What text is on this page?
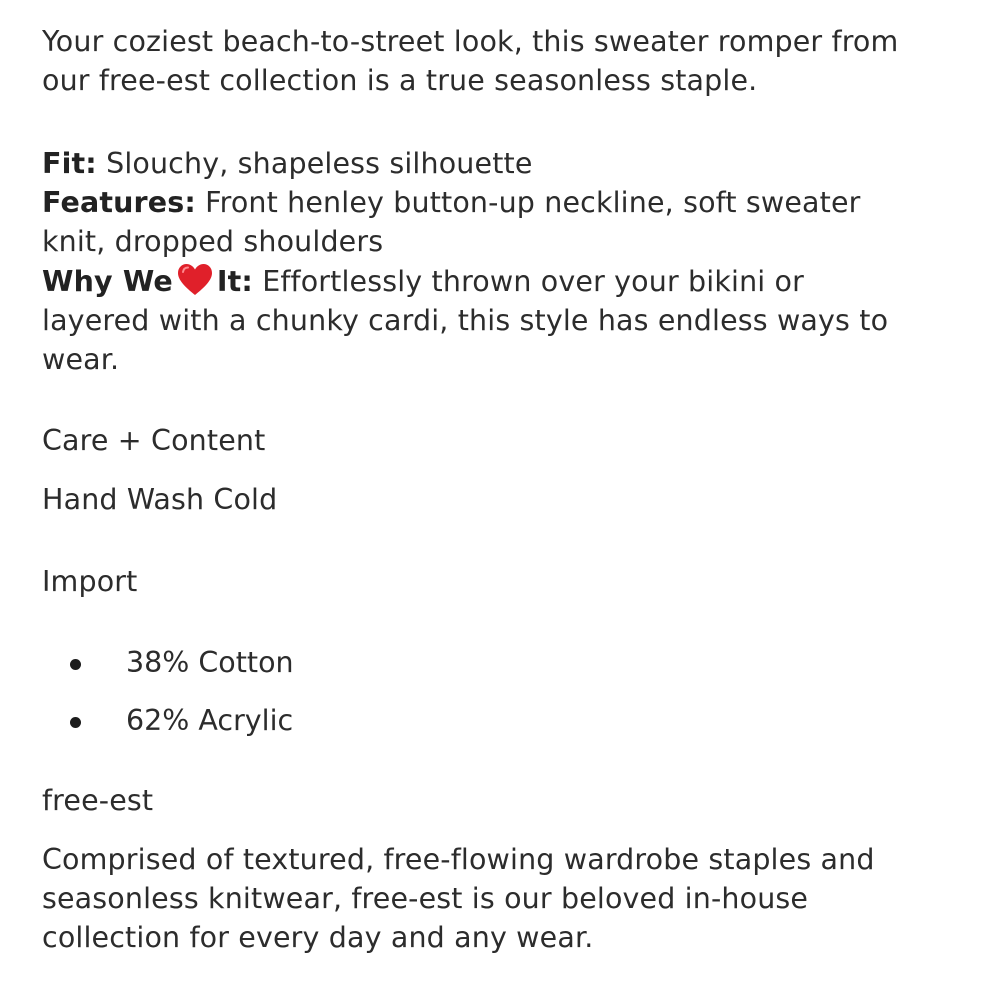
Your coziest beach-to-street look, this sweater romper from

our free-est collection is a true seasonless staple.

Fit: Slouchy, shapeless silhouette

Features: Front henley button-up neckline, soft sweater

knit, dropped shoulders

Why We It: Effortlessly thrown over your bikini or

layered with a chunky cardi, this style has endless ways to

wear.

Care + Content

Hand Wash Cold

Import

38% Cotton
62% Acrylic

free-est

Comprised of textured, free-flowing wardrobe staples and

seasonless knitwear, free-est is our beloved in-house

collection for every day and any wear.
